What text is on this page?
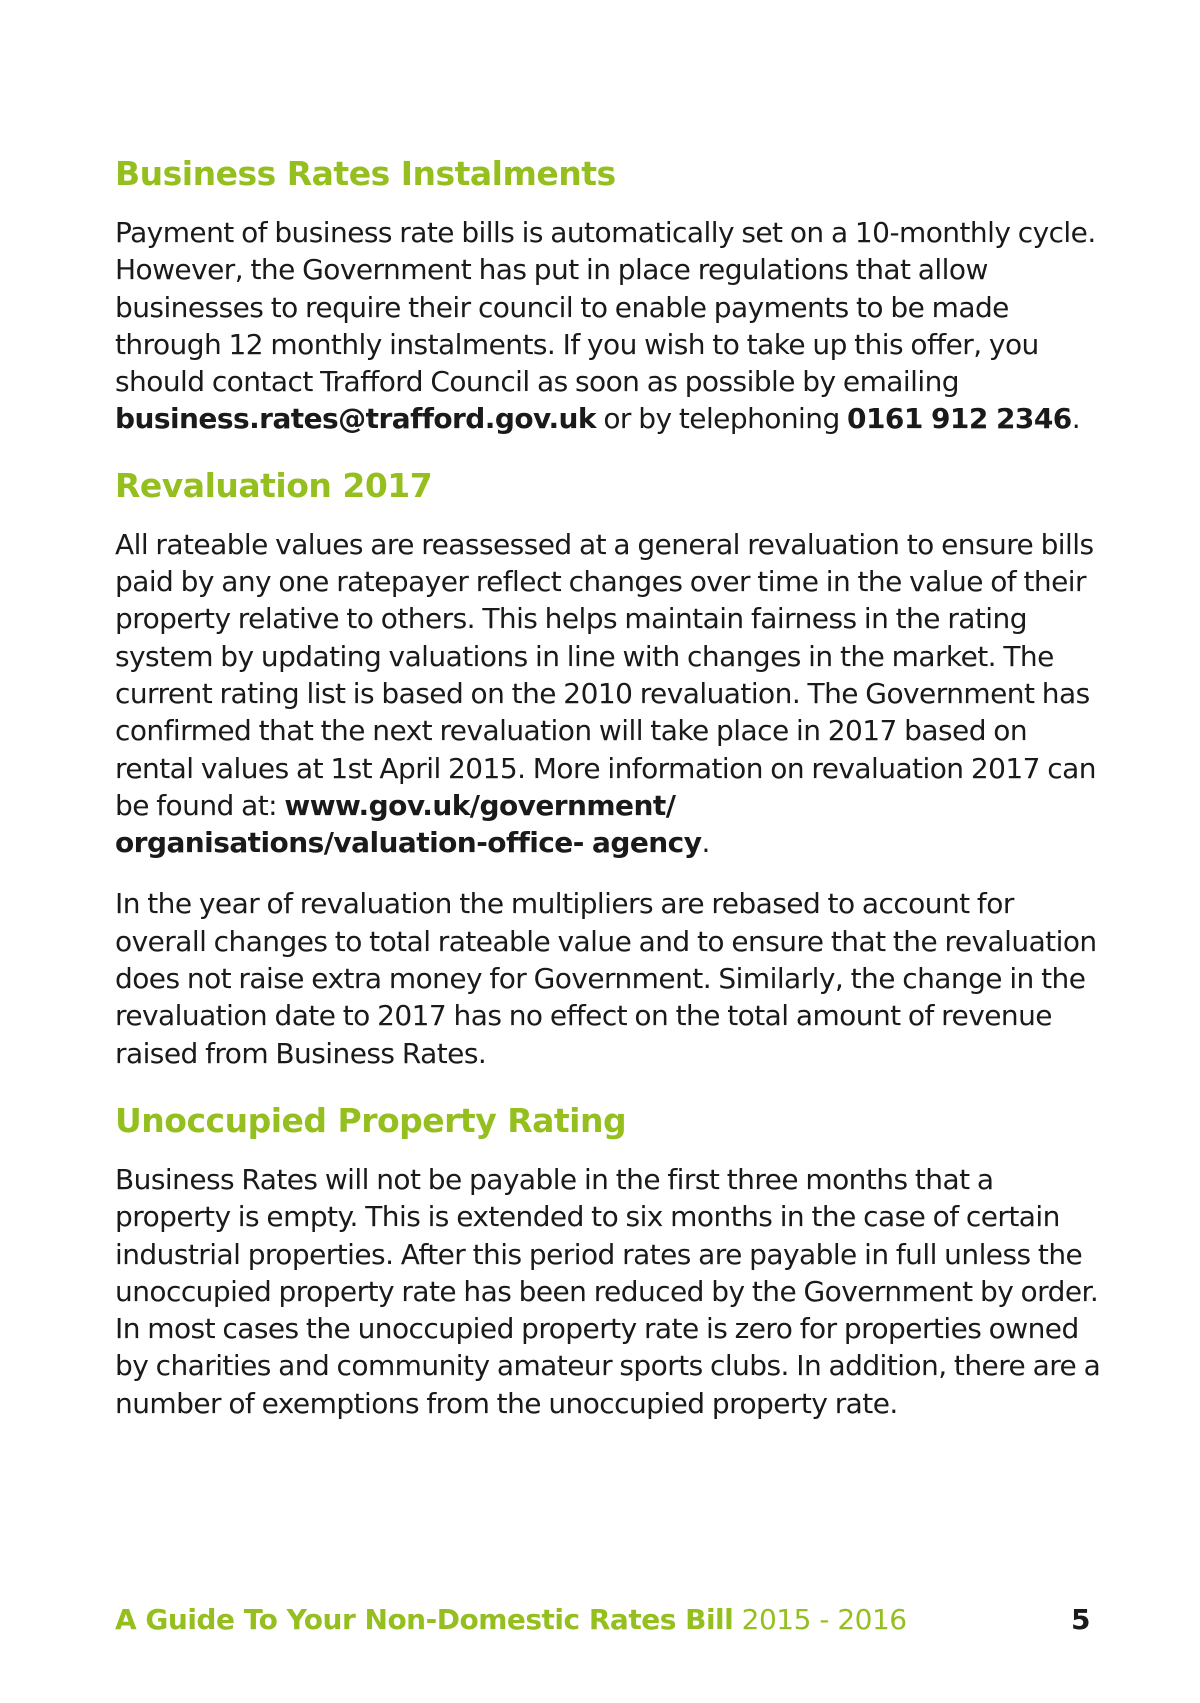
Business Rates Instalments

Payment of business rate bills is automatically set on a 10-monthly cycle. However, the Government has put in place regulations that allow businesses to require their council to enable payments to be made through 12 monthly instalments. If you wish to take up this offer, you should contact Trafford Council as soon as possible by emailing business.rates@trafford.gov.uk or by telephoning 0161 912 2346.

Revaluation 2017

All rateable values are reassessed at a general revaluation to ensure bills paid by any one ratepayer reflect changes over time in the value of their property relative to others. This helps maintain fairness in the rating system by updating valuations in line with changes in the market. The current rating list is based on the 2010 revaluation. The Government has confirmed that the next revaluation will take place in 2017 based on rental values at 1st April 2015. More information on revaluation 2017 can be found at: www.gov.uk/government/
organisations/valuation-office- agency.

In the year of revaluation the multipliers are rebased to account for overall changes to total rateable value and to ensure that the revaluation does not raise extra money for Government. Similarly, the change in the revaluation date to 2017 has no effect on the total amount of revenue raised from Business Rates.

Unoccupied Property Rating

Business Rates will not be payable in the first three months that a property is empty. This is extended to six months in the case of certain industrial properties. After this period rates are payable in full unless the unoccupied property rate has been reduced by the Government by order. In most cases the unoccupied property rate is zero for properties owned by charities and community amateur sports clubs. In addition, there are a number of exemptions from the unoccupied property rate.

A Guide To Your Non-Domestic Rates Bill 2015 - 2016	5
